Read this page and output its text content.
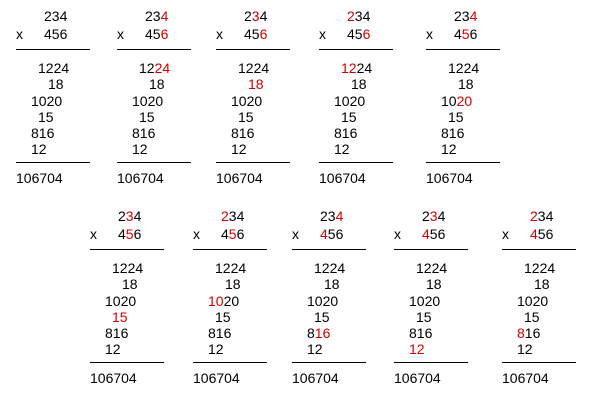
234
x 456
1224
18
1020
15
816
12
106704
234
x 456
1224
18
1020
15
816
12
106704
234
x 456
1224
18
1020
15
816
12
106704
234
x 456
1224
18
1020
15
816
12
106704
234
x 456
1224
18
1020
15
816
12
106704
234
x 456
1224
18
1020
15
816
12
106704
234
x 456
1224
18
1020
15
816
12
106704
234
x 456
1224
18
1020
15
816
12
106704
234
x 456
1224
18
1020
15
816
12
106704
234
x 456
1224
18
1020
15
816
12
106704
